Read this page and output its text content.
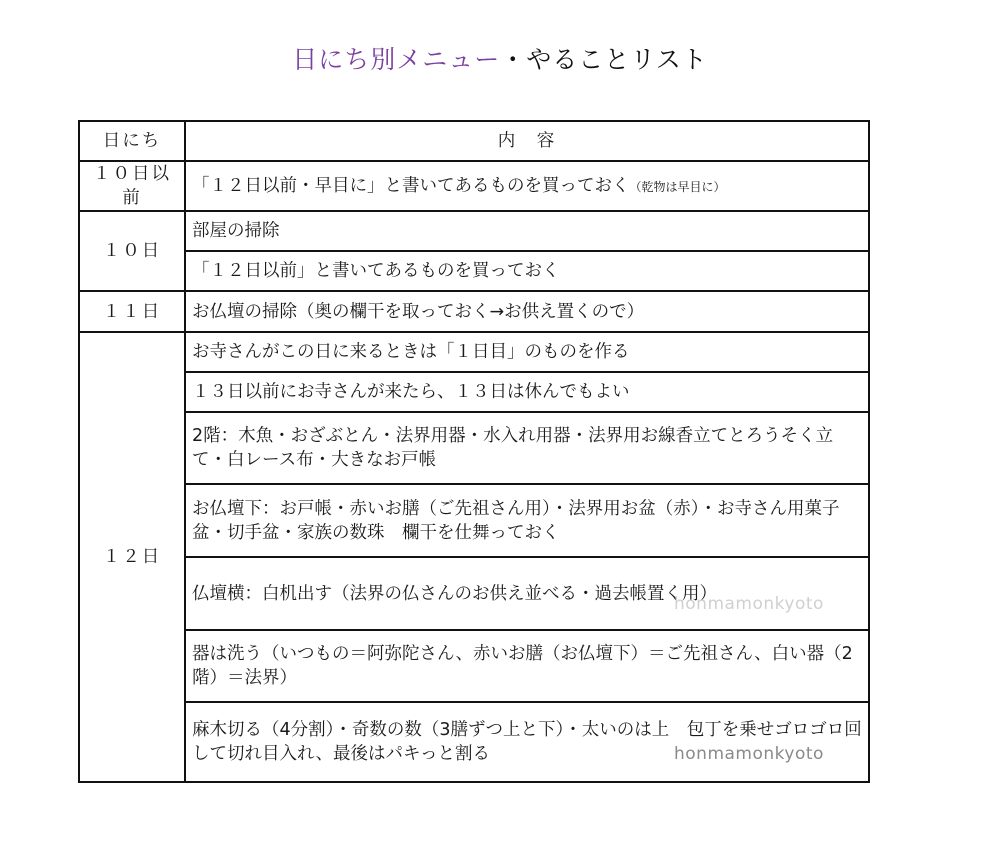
日にち別メニュー・やることリスト
日にち	内　容
１０日以前	「１２日以前・早目に」と書いてあるものを買っておく（乾物は早目に）
１０日	部屋の掃除
	「１２日以前」と書いてあるものを買っておく
１１日	お仏壇の掃除（奥の欄干を取っておく→お供え置くので）
１２日	お寺さんがこの日に来るときは「１日目」のものを作る
	１３日以前にお寺さんが来たら、１３日は休んでもよい
	2階：木魚・おざぶとん・法界用器・水入れ用器・法界用お線香立てとろうそく立て・白レース布・大きなお戸帳
	お仏壇下：お戸帳・赤いお膳（ご先祖さん用）・法界用お盆（赤）・お寺さん用菓子盆・切手盆・家族の数珠　欄干を仕舞っておく
	仏壇横：白机出す（法界の仏さんのお供え並べる・過去帳置く用）
	器は洗う（いつもの＝阿弥陀さん、赤いお膳（お仏壇下）＝ご先祖さん、白い器（2階）＝法界）
	麻木切る（4分割）・奇数の数（3膳ずつ上と下）・太いのは上　包丁を乗せゴロゴロ回して切れ目入れ、最後はパキっと割る
honmamonkyoto
honmamonkyoto
